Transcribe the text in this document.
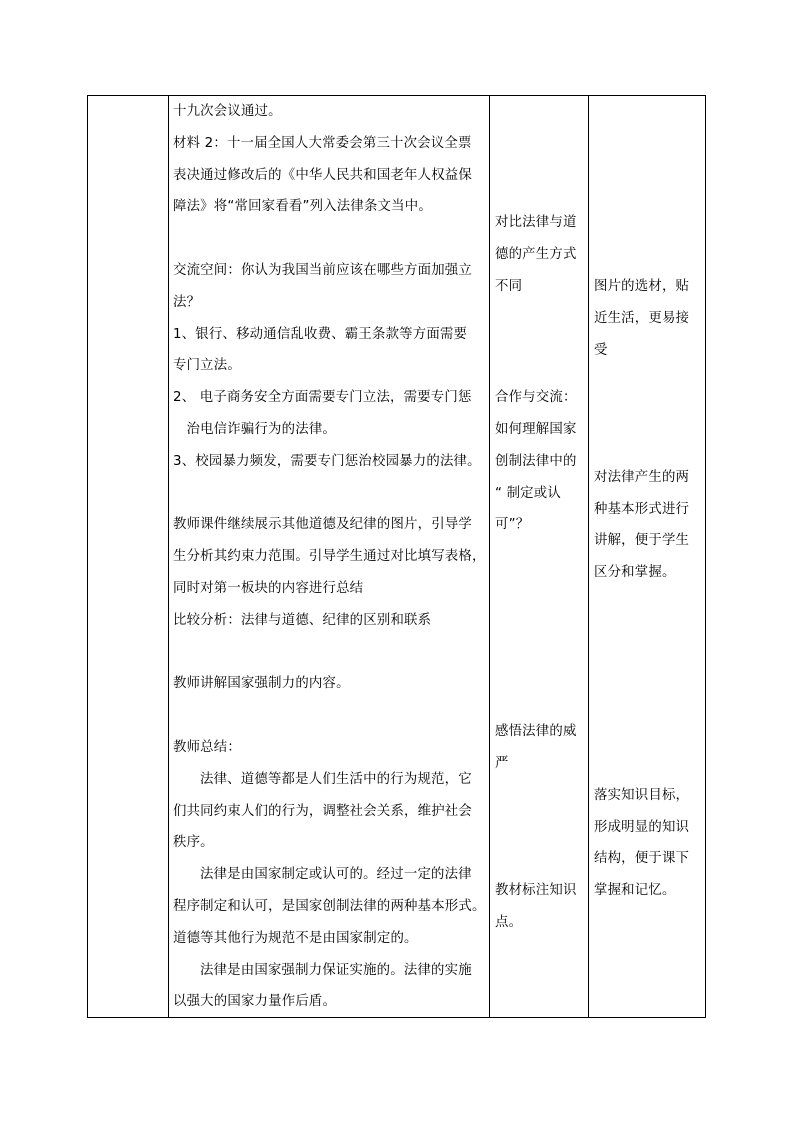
十九次会议通过。
材料 2：十一届全国人大常委会第三十次会议全票
表决通过修改后的《中华人民共和国老年人权益保
障法》将“常回家看看”列入法律条文当中。
交流空间：你认为我国当前应该在哪些方面加强立
法？
1、银行、移动通信乱收费、霸王条款等方面需要
专门立法。
2、 电子商务安全方面需要专门立法，需要专门惩
治电信诈骗行为的法律。
3、校园暴力频发，需要专门惩治校园暴力的法律。
教师课件继续展示其他道德及纪律的图片，引导学
生分析其约束力范围。引导学生通过对比填写表格，
同时对第一板块的内容进行总结
比较分析：法律与道德、纪律的区别和联系
教师讲解国家强制力的内容。
教师总结：
法律、道德等都是人们生活中的行为规范，它
们共同约束人们的行为，调整社会关系，维护社会
秩序。
法律是由国家制定或认可的。经过一定的法律
程序制定和认可，是国家创制法律的两种基本形式。
道德等其他行为规范不是由国家制定的。
法律是由国家强制力保证实施的。法律的实施
以强大的国家力量作后盾。
对比法律与道
德的产生方式
不同
合作与交流：
如何理解国家
创制法律中的
“ 制定或认
可”？
感悟法律的威
严
教材标注知识
点。
图片的选材，贴
近生活，更易接
受
对法律产生的两
种基本形式进行
讲解，便于学生
区分和掌握。
落实知识目标，
形成明显的知识
结构，便于课下
掌握和记忆。
